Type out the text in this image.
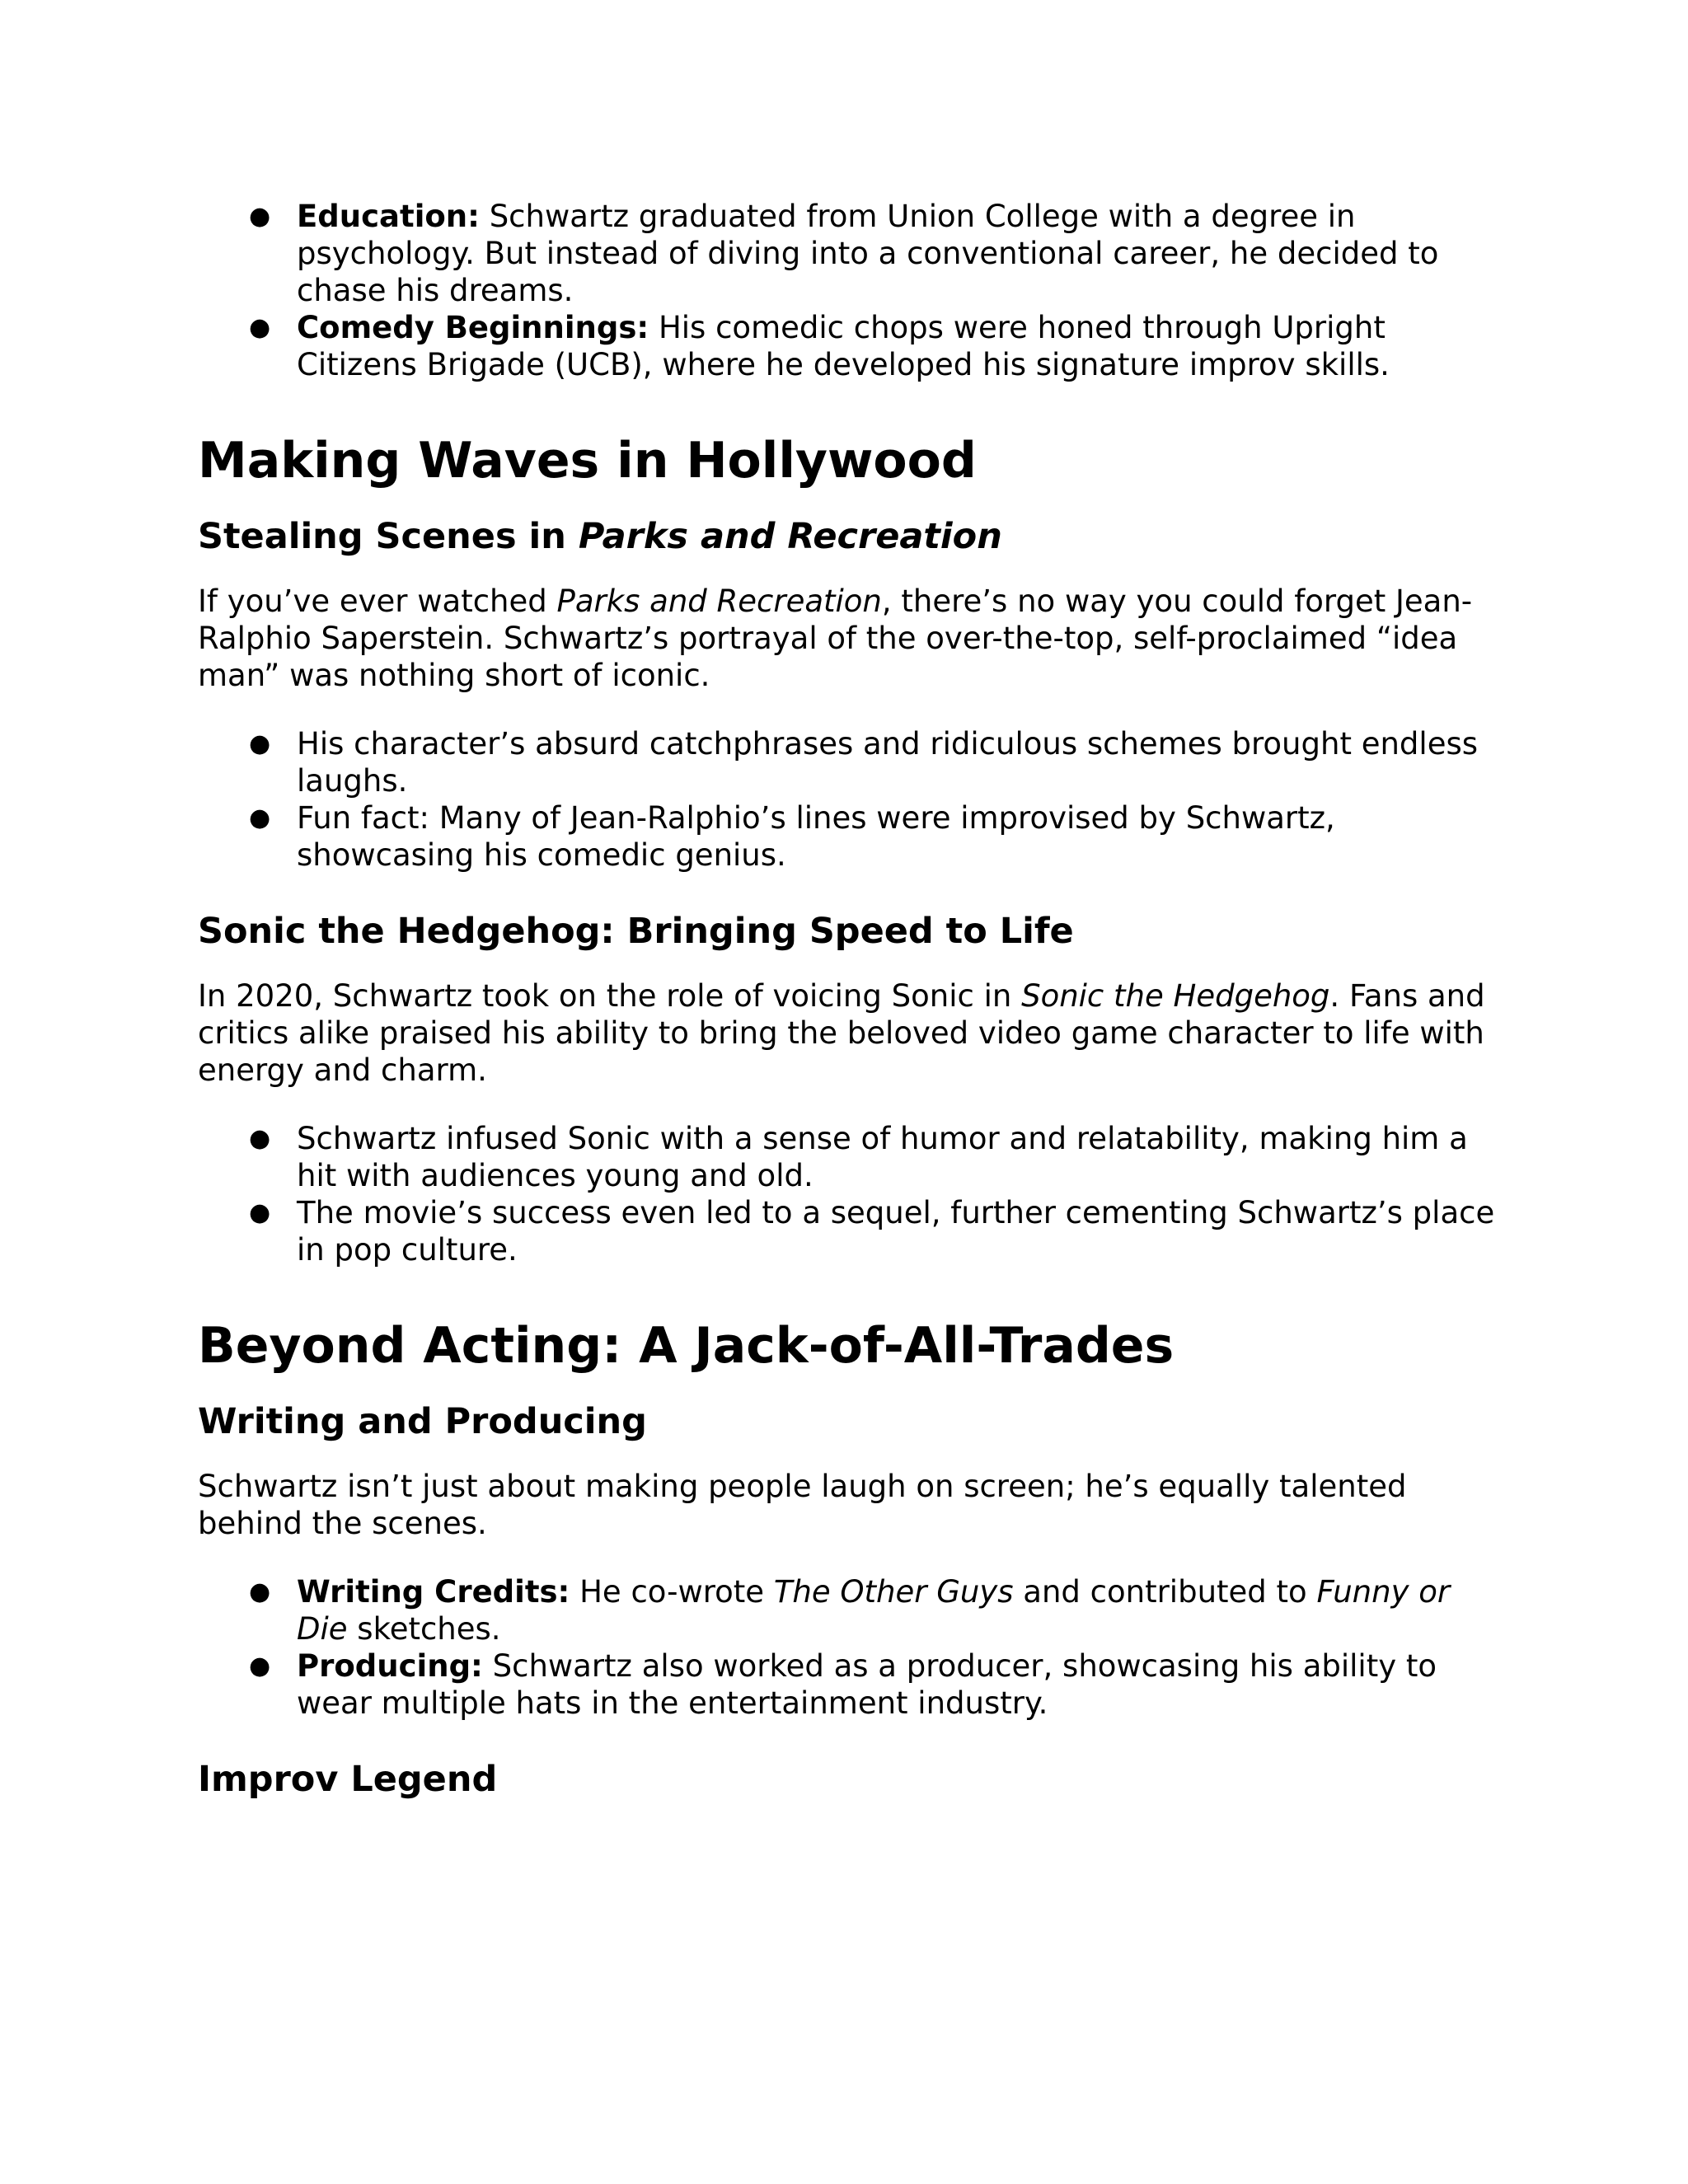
● Education: Schwartz graduated from Union College with a degree in psychology. But instead of diving into a conventional career, he decided to chase his dreams.
● Comedy Beginnings: His comedic chops were honed through Upright Citizens Brigade (UCB), where he developed his signature improv skills.
Making Waves in Hollywood
Stealing Scenes in Parks and Recreation

If you’ve ever watched Parks and Recreation, there’s no way you could forget Jean-Ralphio Saperstein. Schwartz’s portrayal of the over-the-top, self-proclaimed “idea man” was nothing short of iconic.

● His character’s absurd catchphrases and ridiculous schemes brought endless laughs.
● Fun fact: Many of Jean-Ralphio’s lines were improvised by Schwartz, showcasing his comedic genius.
Sonic the Hedgehog: Bringing Speed to Life

In 2020, Schwartz took on the role of voicing Sonic in Sonic the Hedgehog. Fans and critics alike praised his ability to bring the beloved video game character to life with energy and charm.

● Schwartz infused Sonic with a sense of humor and relatability, making him a hit with audiences young and old.
● The movie’s success even led to a sequel, further cementing Schwartz’s place in pop culture.
Beyond Acting: A Jack-of-All-Trades
Writing and Producing

Schwartz isn’t just about making people laugh on screen; he’s equally talented behind the scenes.

● Writing Credits: He co-wrote The Other Guys and contributed to Funny or Die sketches.
● Producing: Schwartz also worked as a producer, showcasing his ability to wear multiple hats in the entertainment industry.
Improv Legend
